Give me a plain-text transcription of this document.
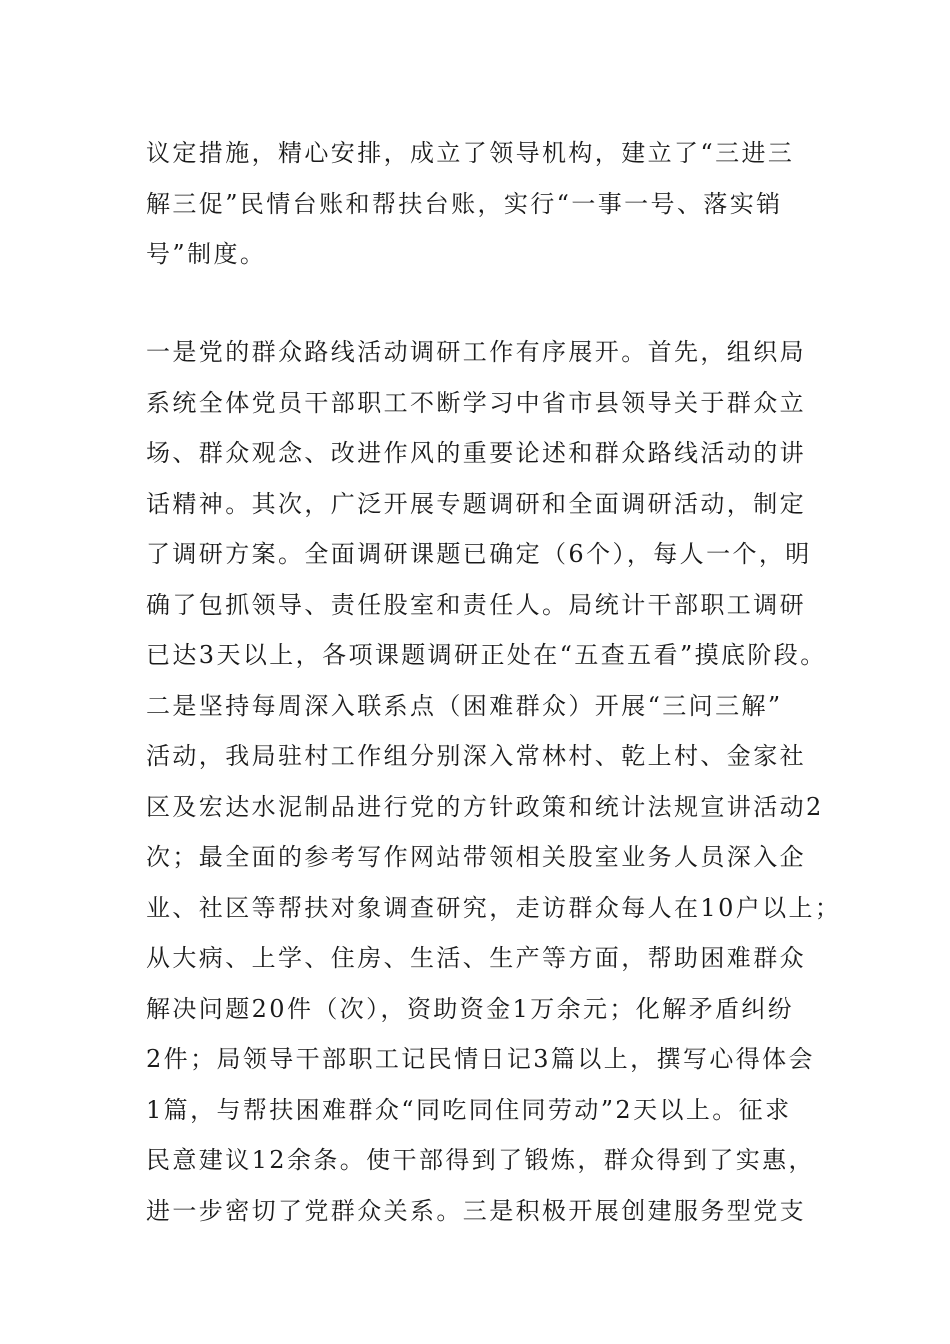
议定措施，精心安排，成立了领导机构，建立了“三进三
解三促”民情台账和帮扶台账，实行“一事一号、落实销
号”制度。
一是党的群众路线活动调研工作有序展开。首先，组织局
系统全体党员干部职工不断学习中省市县领导关于群众立
场、群众观念、改进作风的重要论述和群众路线活动的讲
话精神。其次，广泛开展专题调研和全面调研活动，制定
了调研方案。全面调研课题已确定（6个），每人一个，明
确了包抓领导、责任股室和责任人。局统计干部职工调研
已达3天以上，各项课题调研正处在“五查五看”摸底阶段。
二是坚持每周深入联系点（困难群众）开展“三问三解”
活动，我局驻村工作组分别深入常林村、乾上村、金家社
区及宏达水泥制品进行党的方针政策和统计法规宣讲活动2
次；最全面的参考写作网站带领相关股室业务人员深入企
业、社区等帮扶对象调查研究，走访群众每人在10户以上；
从大病、上学、住房、生活、生产等方面，帮助困难群众
解决问题20件（次），资助资金1万余元；化解矛盾纠纷
2件；局领导干部职工记民情日记3篇以上，撰写心得体会
1篇，与帮扶困难群众“同吃同住同劳动”2天以上。征求
民意建议12余条。使干部得到了锻炼，群众得到了实惠，
进一步密切了党群众关系。三是积极开展创建服务型党支
